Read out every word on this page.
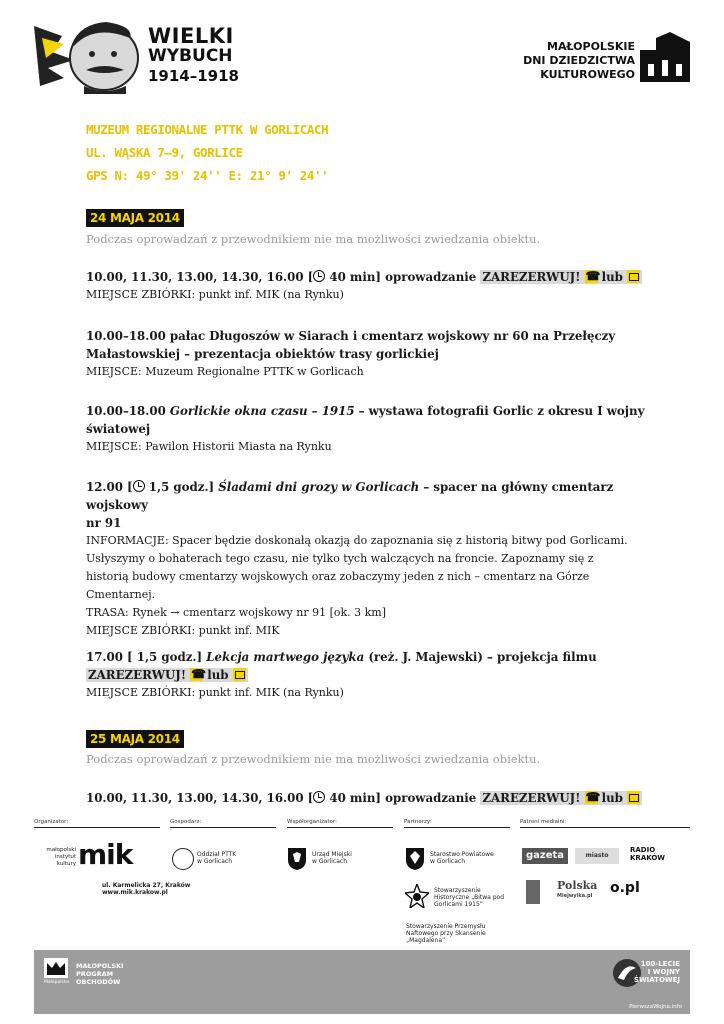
WIELKI
WYBUCH
1914–1918
MAŁOPOLSKIE
DNI DZIEDZICTWA
KULTUROWEGO
MUZEUM REGIONALNE PTTK W GORLICACH
UL. WĄSKA 7–9, GORLICE
GPS N: 49° 39' 24'' E: 21° 9' 24''
24 MAJA 2014
Podczas oprowadzań z przewodnikiem nie ma możliwości zwiedzania obiektu.
10.00, 11.30, 13.00, 14.30, 16.00 [ 40 min] oprowadzanie ZAREZERWUJ! ☎ lub
MIEJSCE ZBIÓRKI: punkt inf. MIK (na Rynku)
10.00–18.00 pałac Długoszów w Siarach i cmentarz wojskowy nr 60 na Przełęczy
Małastowskiej – prezentacja obiektów trasy gorlickiej
MIEJSCE: Muzeum Regionalne PTTK w Gorlicach
10.00–18.00 Gorlickie okna czasu – 1915 – wystawa fotografii Gorlic z okresu I wojny
światowej
MIEJSCE: Pawilon Historii Miasta na Rynku
12.00 [ 1,5 godz.] Śladami dni grozy w Gorlicach – spacer na główny cmentarz wojskowy
nr 91
INFORMACJE: Spacer będzie doskonałą okazją do zapoznania się z historią bitwy pod Gorlicami.
Usłyszymy o bohaterach tego czasu, nie tylko tych walczących na froncie. Zapoznamy się z
historią budowy cmentarzy wojskowych oraz zobaczymy jeden z nich – cmentarz na Górze
Cmentarnej.
TRASA: Rynek → cmentarz wojskowy nr 91 [ok. 3 km]
MIEJSCE ZBIÓRKI: punkt inf. MIK
17.00 [ 1,5 godz.] Lekcja martwego języka (reż. J. Majewski) – projekcja filmu
ZAREZERWUJ! ☎ lub
MIEJSCE ZBIÓRKI: punkt inf. MIK (na Rynku)
25 MAJA 2014
Podczas oprowadzań z przewodnikiem nie ma możliwości zwiedzania obiektu.
10.00, 11.30, 13.00, 14.30, 16.00 [ 40 min] oprowadzanie ZAREZERWUJ! ☎ lub
Organizator:	Gospodarz:	Współorganizator:	Partnerzy:	Patroni medialni:
małopolski instytut kultury mik
ul. Karmelicka 27, Kraków
www.mik.krakow.pl
Oddział PTTK
w Gorlicach
Urząd Miejski
w Gorlicach
Starostwo Powiatowe
w Gorlicach
Stowarzyszenie
Historyczne „Bitwa pod
Gorlicami 1915”
Stowarzyszenie Przemysłu
Naftowego przy Skansenie
„Magdalena”
gazeta	miasto
RADIO
KRAKÓW
Polska
Miejwyika.pl	o.pl
Małopolska
MAŁOPOLSKI
PROGRAM
OBCHODÓW
100-LECIE
I WOJNY
ŚWIATOWEJ
PierwszaWojna.info
